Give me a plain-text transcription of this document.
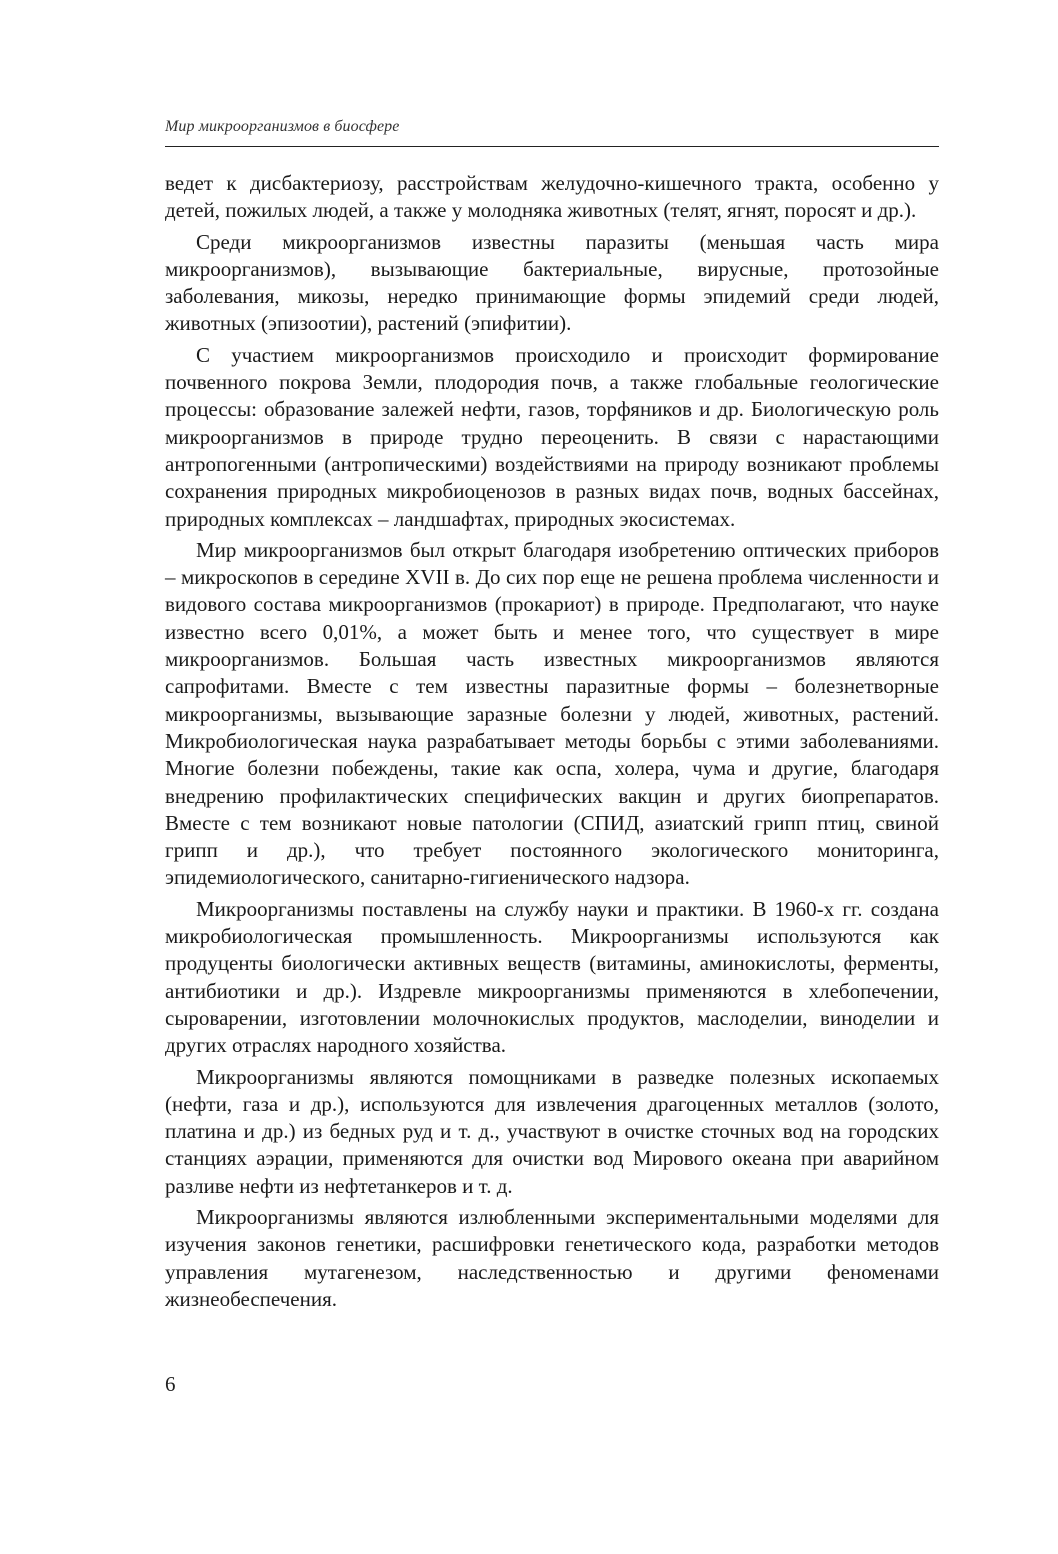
Мир микроорганизмов в биосфере

ведет к дисбактериозу, расстройствам желудочно-кишечного тракта, особенно у детей, пожилых людей, а также у молодняка животных (телят, ягнят, поросят и др.).

Среди микроорганизмов известны паразиты (меньшая часть мира микроорганизмов), вызывающие бактериальные, вирусные, протозойные заболевания, микозы, нередко принимающие формы эпидемий среди людей, животных (эпизоотии), растений (эпифитии).

С участием микроорганизмов происходило и происходит формирование почвенного покрова Земли, плодородия почв, а также глобальные геологические процессы: образование залежей нефти, газов, торфяников и др. Биологическую роль микроорганизмов в природе трудно переоценить. В связи с нарастающими антропогенными (антропическими) воздействиями на природу возникают проблемы сохранения природных микробиоценозов в разных видах почв, водных бассейнах, природных комплексах – ландшафтах, природных экосистемах.

Мир микроорганизмов был открыт благодаря изобретению оптических приборов – микроскопов в середине XVII в. До сих пор еще не решена проблема численности и видового состава микроорганизмов (прокариот) в природе. Предполагают, что науке известно всего 0,01%, а может быть и менее того, что существует в мире микроорганизмов. Большая часть известных микроорганизмов являются сапрофитами. Вместе с тем известны паразитные формы – болезнетворные микроорганизмы, вызывающие заразные болезни у людей, животных, растений. Микробиологическая наука разрабатывает методы борьбы с этими заболеваниями. Многие болезни побеждены, такие как оспа, холера, чума и другие, благодаря внедрению профилактических специфических вакцин и других биопрепаратов. Вместе с тем возникают новые патологии (СПИД, азиатский грипп птиц, свиной грипп и др.), что требует постоянного экологического мониторинга, эпидемиологического, санитарно-гигиенического надзора.

Микроорганизмы поставлены на службу науки и практики. В 1960-х гг. создана микробиологическая промышленность. Микроорганизмы используются как продуценты биологически активных веществ (витамины, аминокислоты, ферменты, антибиотики и др.). Издревле микроорганизмы применяются в хлебопечении, сыроварении, изготовлении молочнокислых продуктов, маслоделии, виноделии и других отраслях народного хозяйства.

Микроорганизмы являются помощниками в разведке полезных ископаемых (нефти, газа и др.), используются для извлечения драгоценных металлов (золото, платина и др.) из бедных руд и т. д., участвуют в очистке сточных вод на городских станциях аэрации, применяются для очистки вод Мирового океана при аварийном разливе нефти из нефтетанкеров и т. д.

Микроорганизмы являются излюбленными экспериментальными моделями для изучения законов генетики, расшифровки генетического кода, разработки методов управления мутагенезом, наследственностью и другими феноменами жизнеобеспечения.

6
